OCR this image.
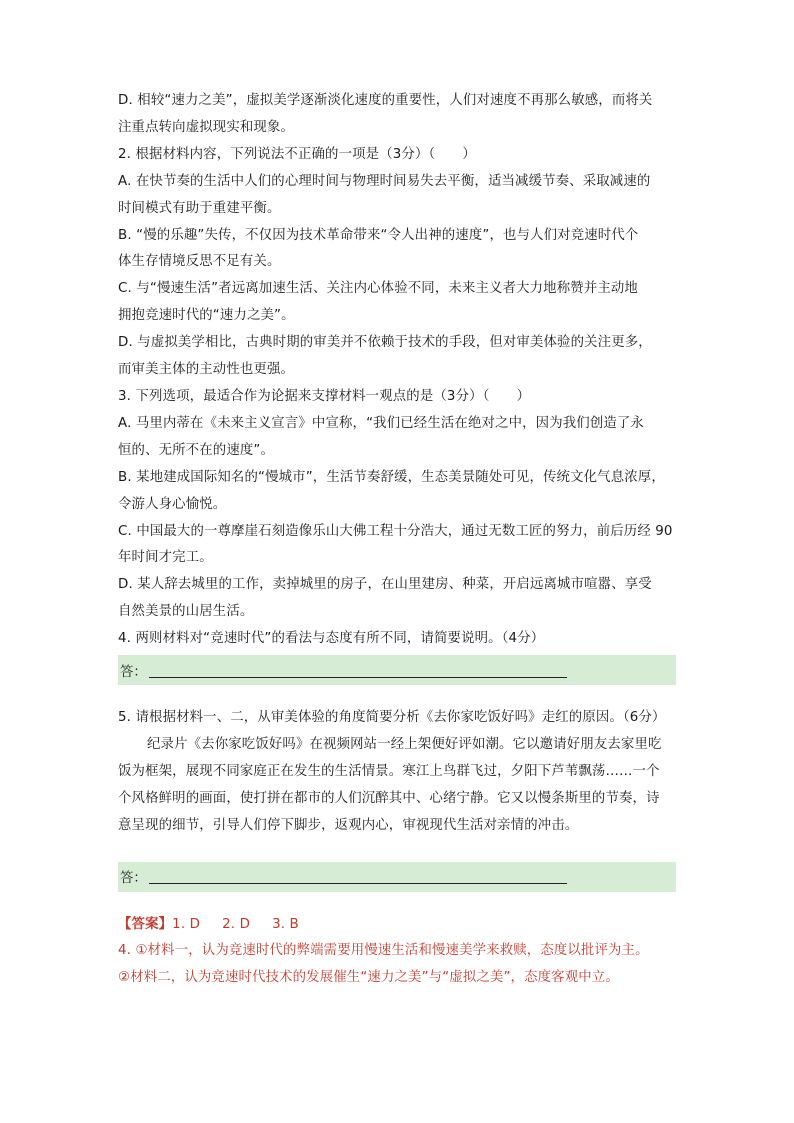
D. 相较“速力之美”，虚拟美学逐渐淡化速度的重要性，人们对速度不再那么敏感，而将关
注重点转向虚拟现实和现象。
2. 根据材料内容，下列说法不正确的一项是（3分）（　　）
A. 在快节奏的生活中人们的心理时间与物理时间易失去平衡，适当减缓节奏、采取减速的
时间模式有助于重建平衡。
B. “慢的乐趣”失传，不仅因为技术革命带来“令人出神的速度”，也与人们对竞速时代个
体生存情境反思不足有关。
C. 与“慢速生活”者远离加速生活、关注内心体验不同，未来主义者大力地称赞并主动地
拥抱竞速时代的“速力之美”。
D. 与虚拟美学相比，古典时期的审美并不依赖于技术的手段，但对审美体验的关注更多，
而审美主体的主动性也更强。
3. 下列选项，最适合作为论据来支撑材料一观点的是（3分）（　　）
A. 马里内蒂在《未来主义宣言》中宣称，“我们已经生活在绝对之中，因为我们创造了永
恒的、无所不在的速度”。
B. 某地建成国际知名的“慢城市”，生活节奏舒缓，生态美景随处可见，传统文化气息浓厚，
令游人身心愉悦。
C. 中国最大的一尊摩崖石刻造像乐山大佛工程十分浩大，通过无数工匠的努力，前后历经 90
年时间才完工。
D. 某人辞去城里的工作，卖掉城里的房子，在山里建房、种菜，开启远离城市喧嚣、享受
自然美景的山居生活。
4. 两则材料对“竞速时代”的看法与态度有所不同，请简要说明。（4分）
答：
5. 请根据材料一、二，从审美体验的角度简要分析《去你家吃饭好吗》走红的原因。（6分）
纪录片《去你家吃饭好吗》在视频网站一经上架便好评如潮。它以邀请好朋友去家里吃
饭为框架，展现不同家庭正在发生的生活情景。寒江上鸟群飞过，夕阳下芦苇飘荡……一个
个风格鲜明的画面，使打拼在都市的人们沉醉其中、心绪宁静。它又以慢条斯里的节奏，诗
意呈现的细节，引导人们停下脚步，返观内心，审视现代生活对亲情的冲击。
答：
【答案】1. D 2. D 3. B
4. ①材料一，认为竞速时代的弊端需要用慢速生活和慢速美学来救赎，态度以批评为主。
②材料二，认为竞速时代技术的发展催生“速力之美”与“虚拟之美”，态度客观中立。
